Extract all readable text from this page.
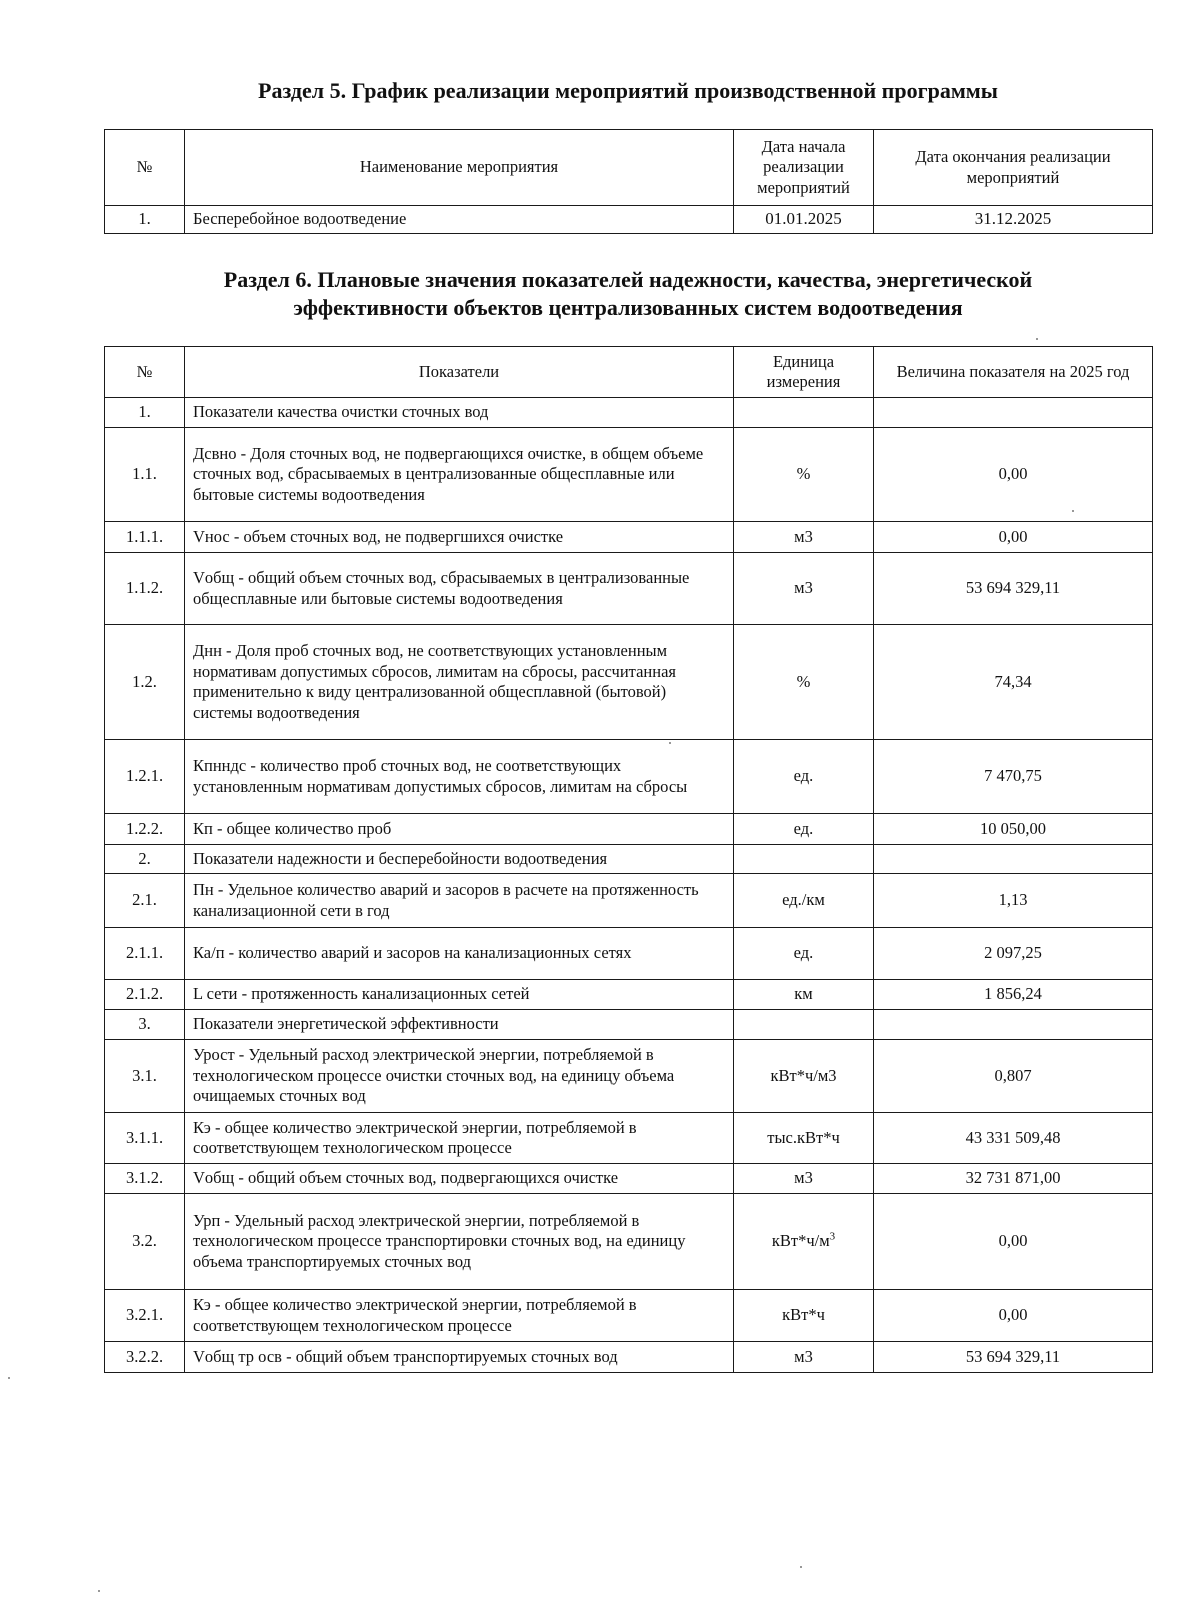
Раздел 5. График реализации мероприятий производственной программы
№	Наименование мероприятия	Дата начала реализации мероприятий	Дата окончания реализации мероприятий
1.	Бесперебойное водоотведение	01.01.2025	31.12.2025
Раздел 6. Плановые значения показателей надежности, качества, энергетической
эффективности объектов централизованных систем водоотведения
№	Показатели	Единица измерения	Величина показателя на 2025 год
1.	Показатели качества очистки сточных вод		
1.1.	Дсвно - Доля сточных вод, не подвергающихся очистке, в общем объеме сточных вод, сбрасываемых в централизованные общесплавные или бытовые системы водоотведения	%	0,00
1.1.1.	Vнос - объем сточных вод, не подвергшихся очистке	м3	0,00
1.1.2.	Vобщ - общий объем сточных вод, сбрасываемых в централизованные общесплавные или бытовые системы водоотведения	м3	53 694 329,11
1.2.	Днн - Доля проб сточных вод, не соответствующих установленным нормативам допустимых сбросов, лимитам на сбросы, рассчитанная применительно к виду централизованной общесплавной (бытовой) системы водоотведения	%	74,34
1.2.1.	Кпнндс - количество проб сточных вод, не соответствующих установленным нормативам допустимых сбросов, лимитам на сбросы	ед.	7 470,75
1.2.2.	Кп - общее количество проб	ед.	10 050,00
2.	Показатели надежности и бесперебойности водоотведения		
2.1.	Пн - Удельное количество аварий и засоров в расчете на протяженность канализационной сети в год	ед./км	1,13
2.1.1.	Ка/п - количество аварий и засоров на канализационных сетях	ед.	2 097,25
2.1.2.	L сети - протяженность канализационных сетей	км	1 856,24
3.	Показатели энергетической эффективности		
3.1.	Урост - Удельный расход электрической энергии, потребляемой в технологическом процессе очистки сточных вод, на единицу объема очищаемых сточных вод	кВт*ч/м3	0,807
3.1.1.	Кэ - общее количество электрической энергии, потребляемой в соответствующем технологическом процессе	тыс.кВт*ч	43 331 509,48
3.1.2.	Vобщ - общий объем сточных вод, подвергающихся очистке	м3	32 731 871,00
3.2.	Урп - Удельный расход электрической энергии, потребляемой в технологическом процессе транспортировки сточных вод, на единицу объема транспортируемых сточных вод	$кВт*ч/м^3$	0,00
3.2.1.	Кэ - общее количество электрической энергии, потребляемой в соответствующем технологическом процессе	кВт*ч	0,00
3.2.2.	Vобщ тр осв - общий объем транспортируемых сточных вод	м3	53 694 329,11
